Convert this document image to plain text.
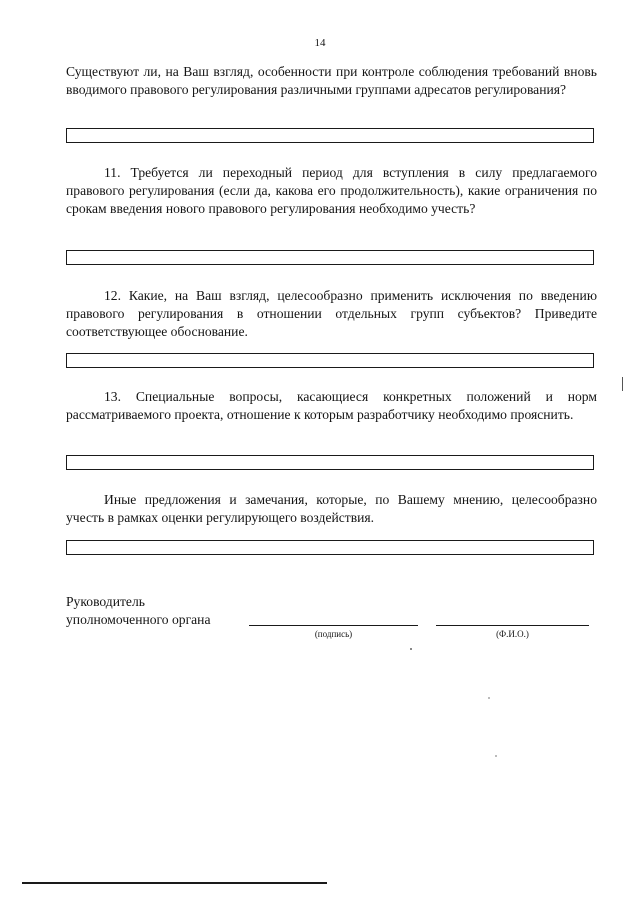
14

Существуют ли, на Ваш взгляд, особенности при контроле соблюдения требований вновь вводимого правового регулирования различными группами адресатов регулирования?

11. Требуется ли переходный период для вступления в силу предлагаемого правового регулирования (если да, какова его продолжительность), какие ограничения по срокам введения нового правового регулирования необходимо учесть?

12. Какие, на Ваш взгляд, целесообразно применить исключения по введению правового регулирования в отношении отдельных групп субъектов? Приведите соответствующее обоснование.

13. Специальные вопросы, касающиеся конкретных положений и норм рассматриваемого проекта, отношение к которым разработчику необходимо прояснить.

Иные предложения и замечания, которые, по Вашему мнению, целесообразно учесть в рамках оценки регулирующего воздействия.

Руководитель
уполномоченного органа
(подпись)	(Ф.И.О.)
